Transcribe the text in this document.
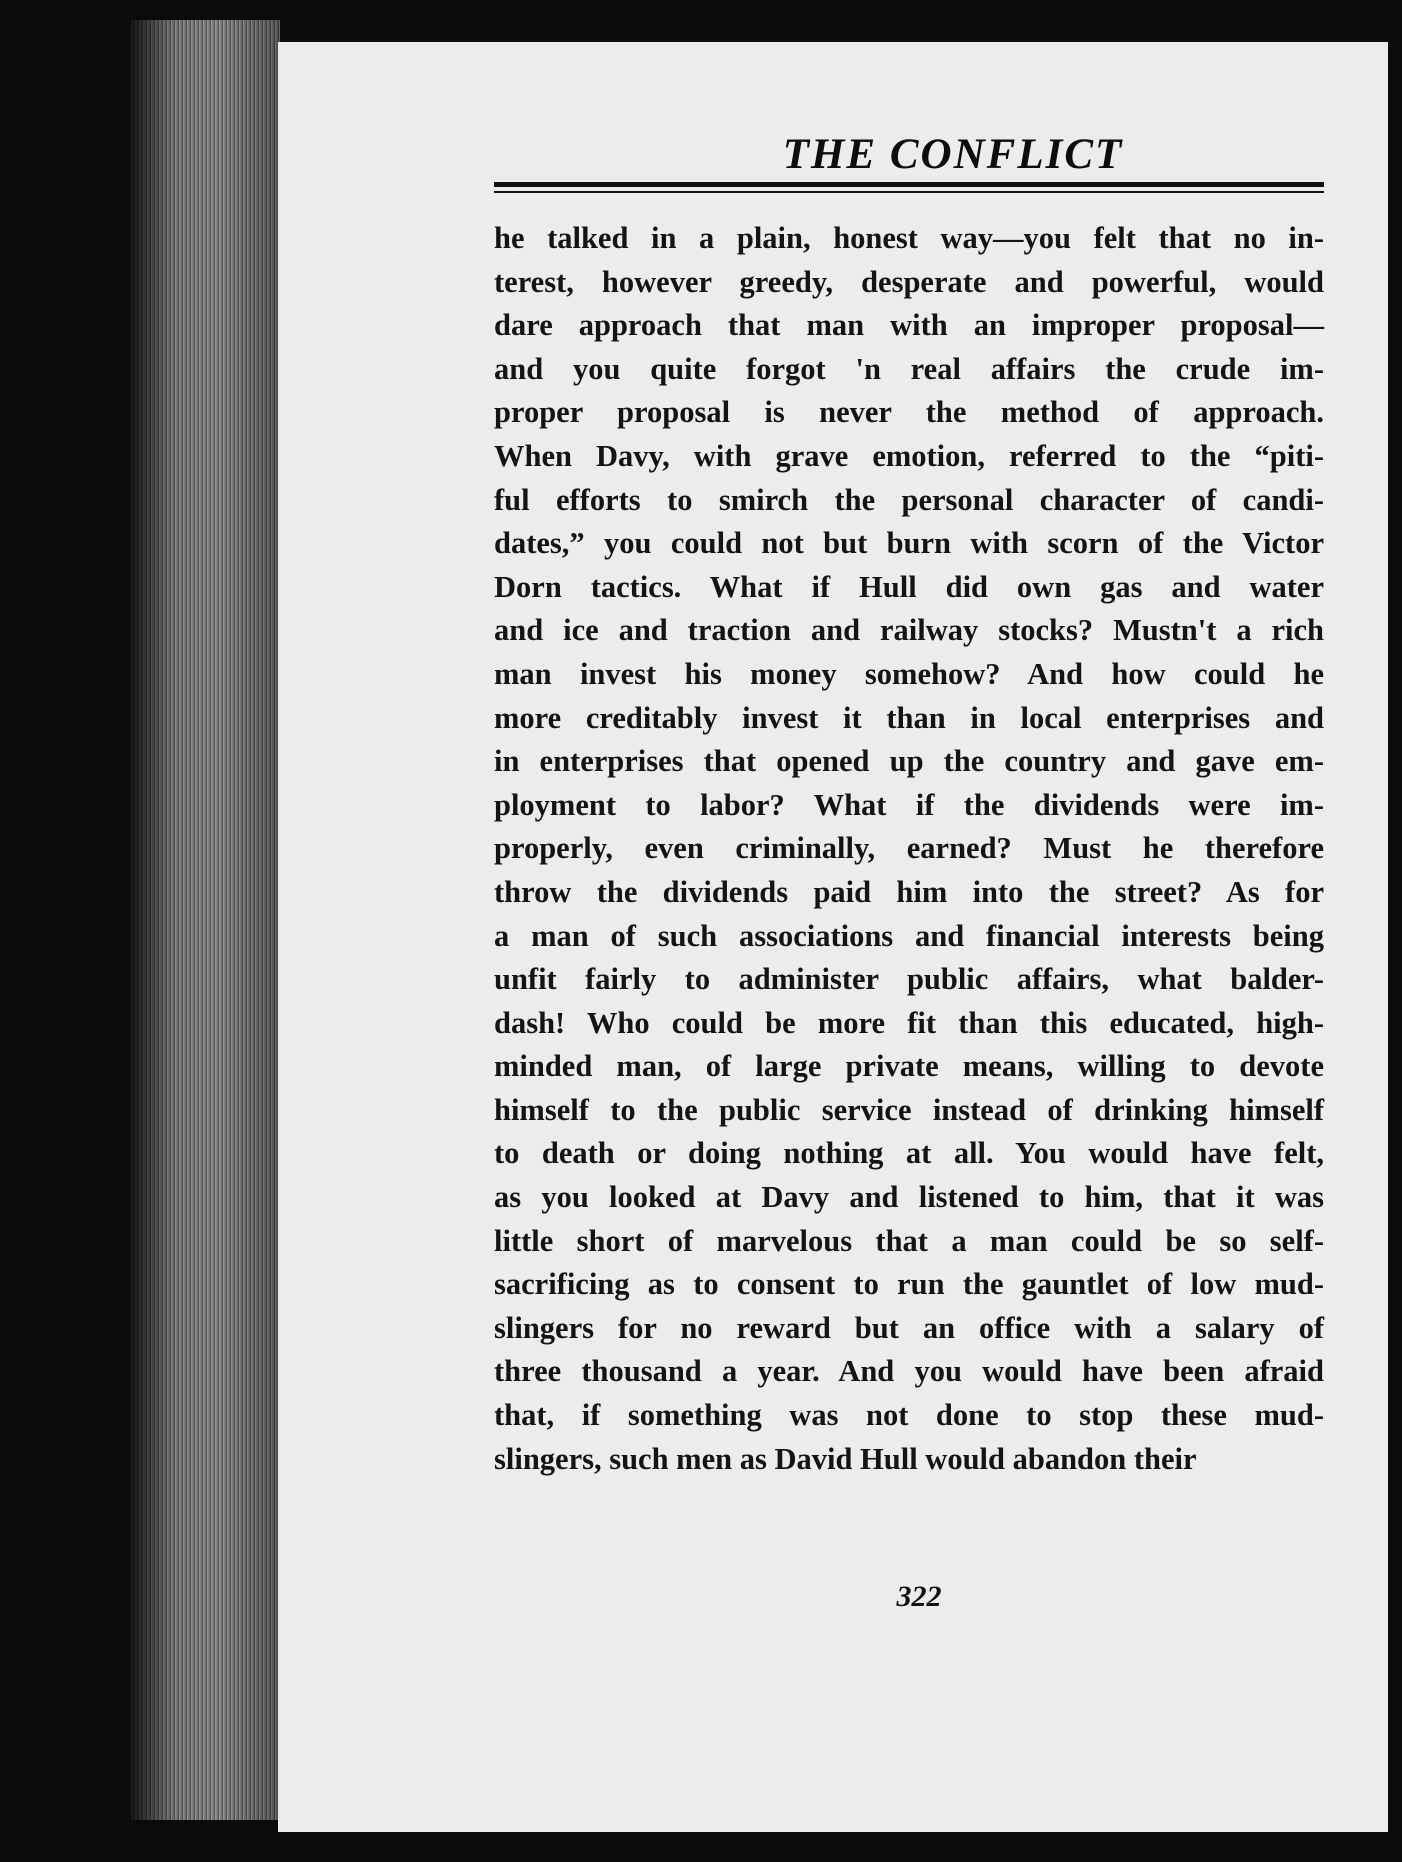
THE CONFLICT
he talked in a plain, honest way—you felt that no in-
terest, however greedy, desperate and powerful, would
dare approach that man with an improper proposal—
and you quite forgot 'n real affairs the crude im-
proper proposal is never the method of approach.
When Davy, with grave emotion, referred to the “piti-
ful efforts to smirch the personal character of candi-
dates,” you could not but burn with scorn of the Victor
Dorn tactics. What if Hull did own gas and water
and ice and traction and railway stocks? Mustn't a rich
man invest his money somehow? And how could he
more creditably invest it than in local enterprises and
in enterprises that opened up the country and gave em-
ployment to labor? What if the dividends were im-
properly, even criminally, earned? Must he therefore
throw the dividends paid him into the street? As for
a man of such associations and financial interests being
unfit fairly to administer public affairs, what balder-
dash! Who could be more fit than this educated, high-
minded man, of large private means, willing to devote
himself to the public service instead of drinking himself
to death or doing nothing at all. You would have felt,
as you looked at Davy and listened to him, that it was
little short of marvelous that a man could be so self-
sacrificing as to consent to run the gauntlet of low mud-
slingers for no reward but an office with a salary of
three thousand a year. And you would have been afraid
that, if something was not done to stop these mud-
slingers, such men as David Hull would abandon their
322
